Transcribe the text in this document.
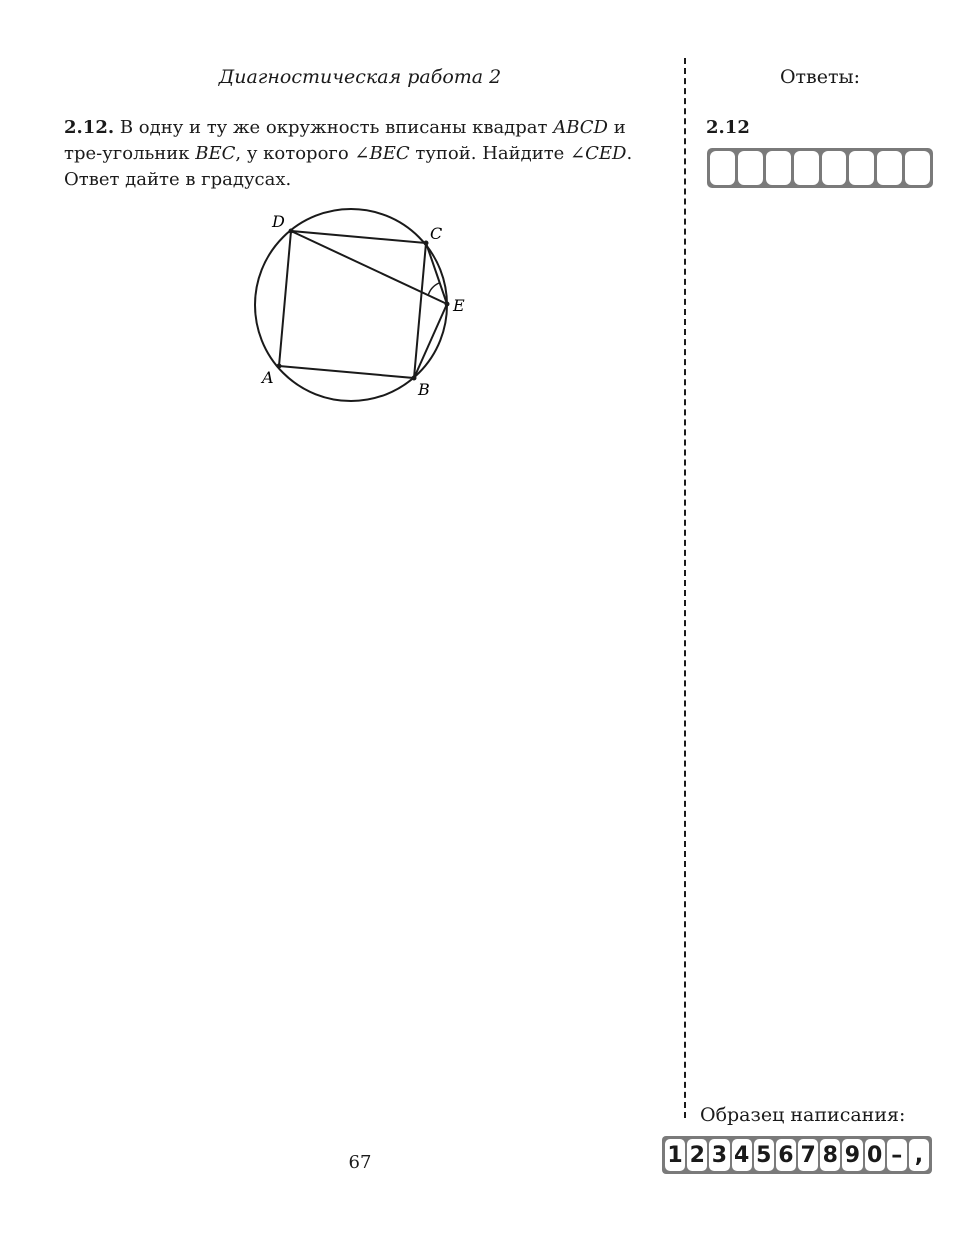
Диагностическая работа 2	Ответы:
2.12. В одну и ту же окружность вписаны квадрат ABCD и тре-угольник BEC, у которого ∠BEC тупой. Найдите ∠CED. Ответ дайте в градусах.
A
B
C
D
E
2.12
Образец написания:
1 2 3 4 5 6 7 8 9 0 – ,
67
